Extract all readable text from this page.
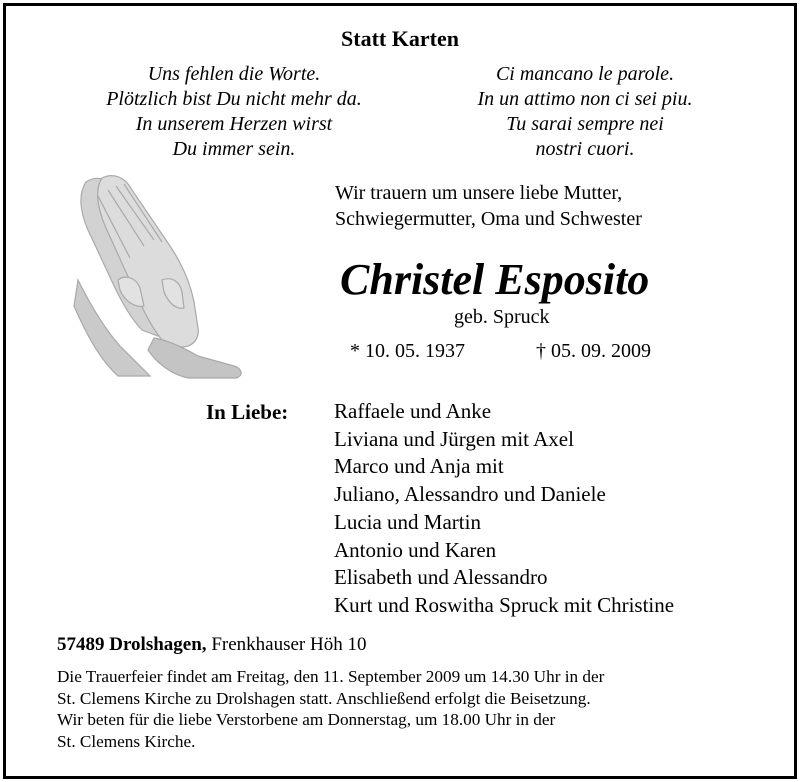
Statt Karten
Uns fehlen die Worte.
Plötzlich bist Du nicht mehr da.
In unserem Herzen wirst
Du immer sein.
Ci mancano le parole.
In un attimo non ci sei piu.
Tu sarai sempre nei
nostri cuori.
Wir trauern um unsere liebe Mutter,
Schwiegermutter, Oma und Schwester
Christel Esposito
geb. Spruck
* 10. 05. 1937	† 05. 09. 2009
In Liebe: Raffaele und Anke
Liviana und Jürgen mit Axel
Marco und Anja mit
Juliano, Alessandro und Daniele
Lucia und Martin
Antonio und Karen
Elisabeth und Alessandro
Kurt und Roswitha Spruck mit Christine
57489 Drolshagen, Frenkhauser Höh 10
Die Trauerfeier findet am Freitag, den 11. September 2009 um 14.30 Uhr in der
St. Clemens Kirche zu Drolshagen statt. Anschließend erfolgt die Beisetzung.
Wir beten für die liebe Verstorbene am Donnerstag, um 18.00 Uhr in der
St. Clemens Kirche.
